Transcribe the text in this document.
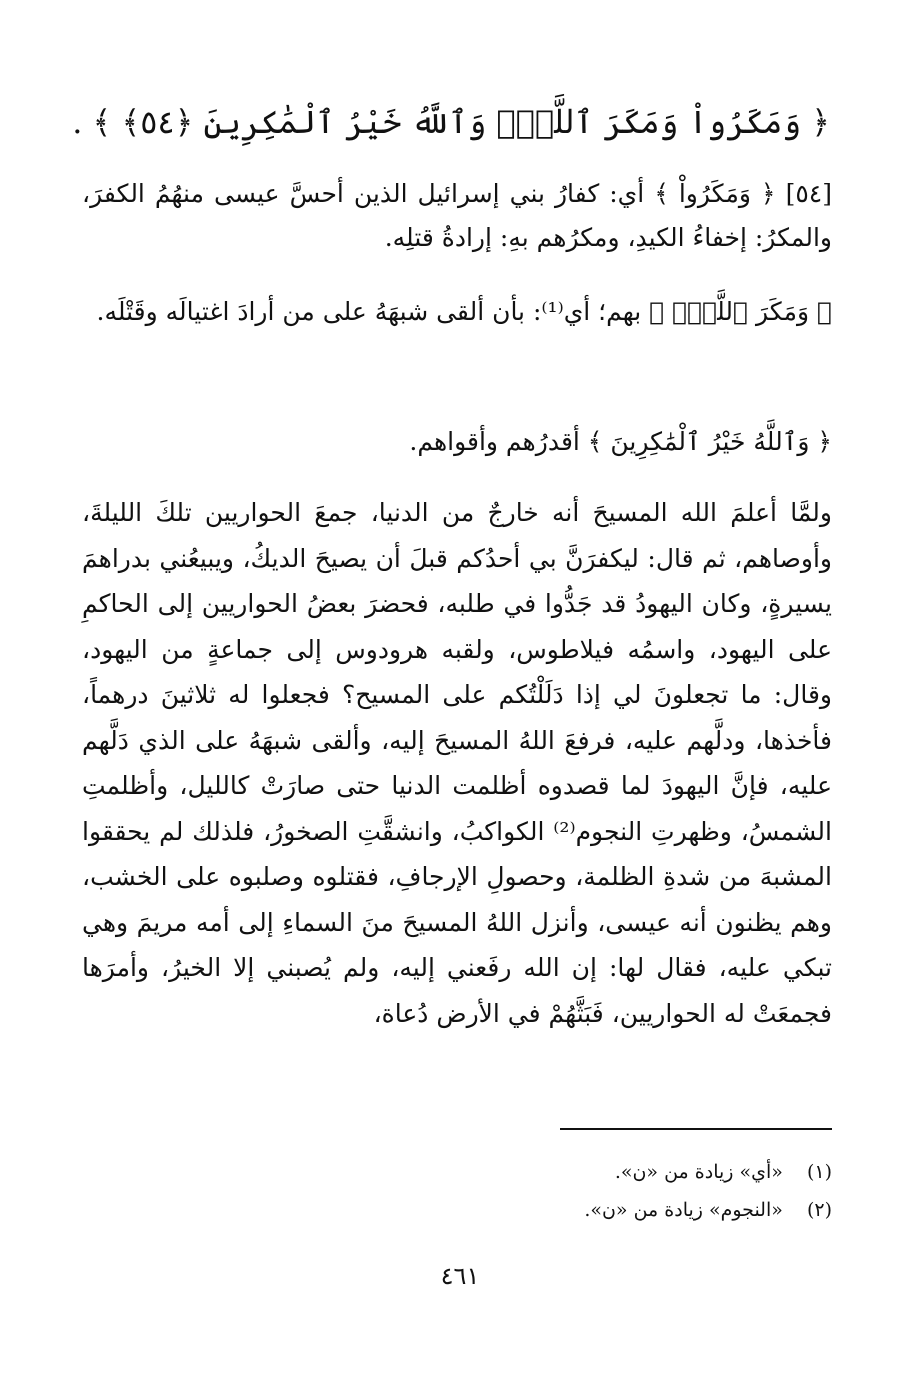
﴿ وَمَكَرُواْ وَمَكَرَ ٱللَّهُۖ وَٱللَّهُ خَيْرُ ٱلْمَٰكِرِينَ ﴿٥٤﴾ ﴾ .
[٥٤] ﴿ وَمَكَرُواْ ﴾ أي: كفارُ بني إسرائيل الذين أحسَّ عيسى منهُمُ الكفرَ، والمكرُ: إخفاءُ الكيدِ، ومكرُهم بهِ: إرادةُ قتلِه.
﴿ وَمَكَرَ ٱللَّهُۖ ﴾ بهم؛ أي⁽¹⁾: بأن ألقى شبهَهُ على من أرادَ اغتيالَه وقَتْلَه.
﴿ وَٱللَّهُ خَيْرُ ٱلْمَٰكِرِينَ ﴾ أقدرُهم وأقواهم.
ولمَّا أعلمَ الله المسيحَ أنه خارجٌ من الدنيا، جمعَ الحواريين تلكَ الليلةَ، وأوصاهم، ثم قال: ليكفرَنَّ بي أحدُكم قبلَ أن يصيحَ الديكُ، ويبيعُني بدراهمَ يسيرةٍ، وكان اليهودُ قد جَدُّوا في طلبه، فحضرَ بعضُ الحواريين إلى الحاكمِ على اليهود، واسمُه فيلاطوس، ولقبه هرودوس إلى جماعةٍ من اليهود، وقال: ما تجعلونَ لي إذا دَلَلْتُكم على المسيح؟ فجعلوا له ثلاثينَ درهماً، فأخذها، ودلَّهم عليه، فرفعَ اللهُ المسيحَ إليه، وألقى شبهَهُ على الذي دَلَّهم عليه، فإنَّ اليهودَ لما قصدوه أظلمت الدنيا حتى صارَتْ كالليل، وأظلمتِ الشمسُ، وظهرتِ النجوم⁽²⁾ الكواكبُ، وانشقَّتِ الصخورُ، فلذلك لم يحققوا المشبهَ من شدةِ الظلمة، وحصولِ الإرجافِ، فقتلوه وصلبوه على الخشب، وهم يظنون أنه عيسى، وأنزل اللهُ المسيحَ منَ السماءِ إلى أمه مريمَ وهي تبكي عليه، فقال لها: إن الله رفَعني إليه، ولم يُصبني إلا الخيرُ، وأمرَها فجمعَتْ له الحواريين، فَبَثَّهُمْ في الأرض دُعاة،
(١) «أي» زيادة من «ن».
(٢) «النجوم» زيادة من «ن».
٤٦١
